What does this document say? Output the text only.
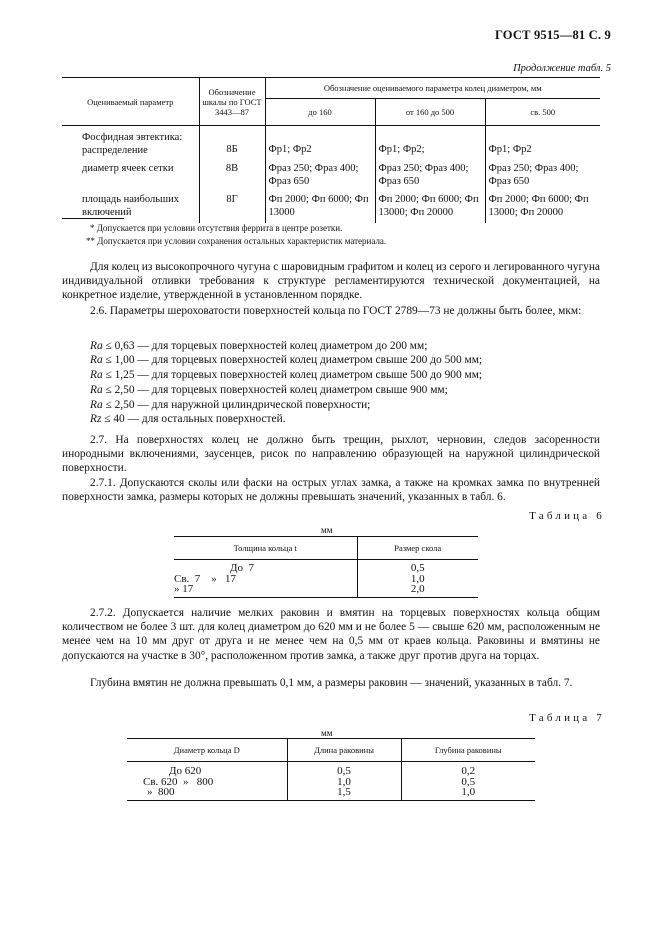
ГОСТ 9515—81 С. 9
Продолжение табл. 5
Оцениваемый параметр	Обозначение шкалы по ГОСТ 3443—87	Обозначение оцениваемого параметра колец диаметром, мм		
		до 160	от 160 до 500	св. 500
Фосфидная эвтектика: распределение	8Б	Фр1; Фр2	Фр1; Фр2;	Фр1; Фр2
диаметр ячеек сетки	8В	Фраз 250; Фраз 400; Фраз 650	Фраз 250; Фраз 400; Фраз 650	Фраз 250; Фраз 400; Фраз 650
площадь наибольших включений	8Г	Фп 2000; Фп 6000; Фп 13000	Фп 2000; Фп 6000; Фп 13000; Фп 20000	Фп 2000; Фп 6000; Фп 13000; Фп 20000
* Допускается при условии отсутствия феррита в центре розетки.
** Допускается при условии сохранения остальных характеристик материала.
Для колец из высокопрочного чугуна с шаровидным графитом и колец из серого и легированного чугуна индивидуальной отливки требования к структуре регламентируются технической документацией, на конкретное изделие, утвержденной в установленном порядке.
2.6. Параметры шероховатости поверхностей кольца по ГОСТ 2789—73 не должны быть более, мкм:
Ra ≤ 0,63 — для торцевых поверхностей колец диаметром до 200 мм;
Ra ≤ 1,00 — для торцевых поверхностей колец диаметром свыше 200 до 500 мм;
Ra ≤ 1,25 — для торцевых поверхностей колец диаметром свыше 500 до 900 мм;
Ra ≤ 2,50 — для торцевых поверхностей колец диаметром свыше 900 мм;
Ra ≤ 2,50 — для наружной цилиндрической поверхности;
Rz ≤ 40 — для остальных поверхностей.
2.7. На поверхностях колец не должно быть трещин, рыхлот, черновин, следов засоренности инородными включениями, заусенцев, рисок по направлению образующей на наружной цилиндрической поверхности.
2.7.1. Допускаются сколы или фаски на острых углах замка, а также на кромках замка по внутренней поверхности замка, размеры которых не должны превышать значений, указанных в табл. 6.
Таблица 6
мм
Толщина кольца t	Размер скола
До  7	0,5
Св.  7    »   17	1,0
» 17	2,0
2.7.2. Допускается наличие мелких раковин и вмятин на торцевых поверхностях кольца общим количеством не более 3 шт. для колец диаметром до 620 мм и не более 5 — свыше 620 мм, расположенным не менее чем на 10 мм друг от друга и не менее чем на 0,5 мм от краев кольца. Раковины и вмятины не допускаются на участке в 30°, расположенном против замка, а также друг против друга на торцах.
Глубина вмятин не должна превышать 0,1 мм, а размеры раковин — значений, указанных в табл. 7.
Таблица 7
мм
Диаметр кольца D	Длина раковины	Глубина раковины
До 620	0,5	0,2
Св. 620  »   800	1,0	0,5
»  800	1,5	1,0
